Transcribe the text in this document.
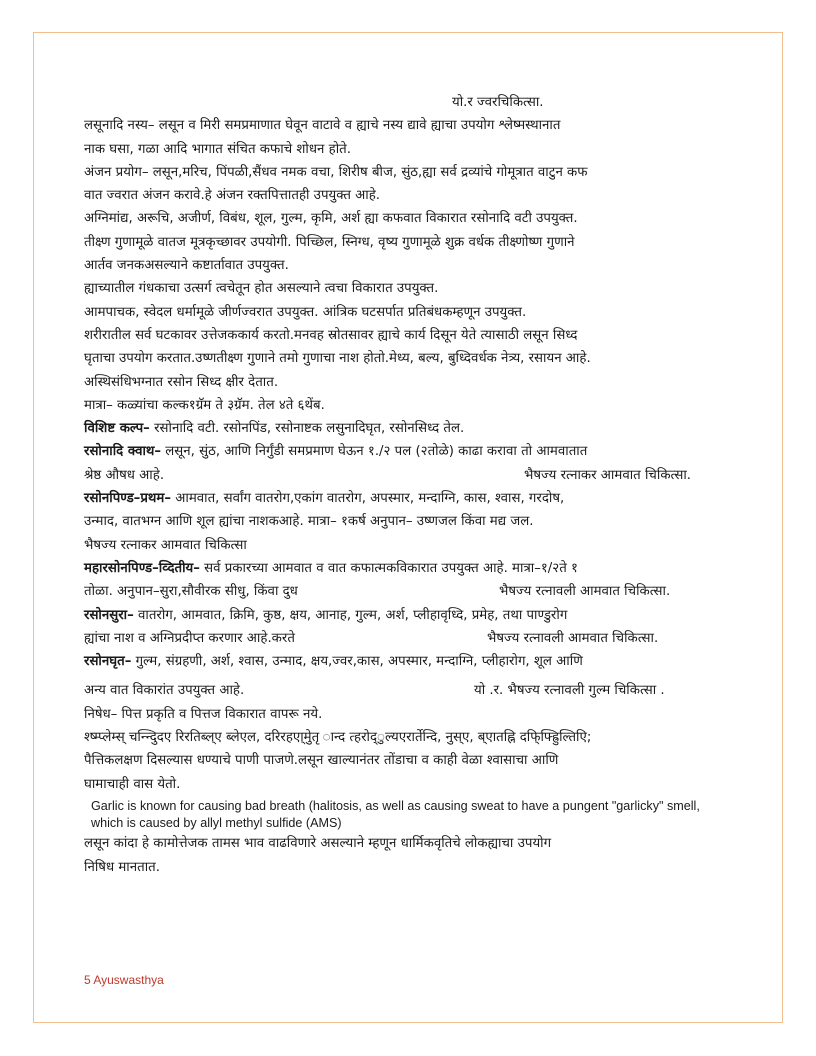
यो.र ज्वरचिकित्सा.

लसूनादि नस्य– लसून व मिरी समप्रमाणात घेवून वाटावे व ह्याचे नस्य द्यावे ह्याचा उपयोग श्लेष्मस्थानात

नाक घसा, गळा आदि भागात संचित कफाचे शोधन होते.

अंजन प्रयोग– लसून,मरिच, पिंपळी,सैंधव नमक वचा, शिरीष बीज, सुंठ,ह्या सर्व द्रव्यांचे गोमूत्रात वाटुन कफ

वात ज्वरात अंजन करावे.हे अंजन रक्तपित्तातही उपयुक्त आहे.

अग्निमांद्य, अरूचि, अजीर्ण, विबंध, शूल, गुल्म, कृमि, अर्श ह्या कफवात विकारात रसोनादि वटी उपयुक्त.

तीक्ष्ण गुणामूळे वातज मूत्रकृच्छावर उपयोगी. पिच्छिल, स्निग्ध, वृष्य गुणामूळे शुक्र वर्धक तीक्ष्णोष्ण गुणाने

आर्तव जनकअसल्याने कष्टार्तावात उपयुक्त.

ह्याच्यातील गंधकाचा उत्सर्ग त्वचेतून होत असल्याने त्वचा विकारात उपयुक्त.

आमपाचक, स्वेदल धर्मामूळे जीर्णज्वरात उपयुक्त. आंत्रिक घटसर्पात प्रतिबंधकम्हणून उपयुक्त.

शरीरातील सर्व घटकावर उत्तेजककार्य करतो.मनवह स्रोतसावर ह्याचे कार्य दिसून येते त्यासाठी लसून सिध्द

घृताचा उपयोग करतात.उष्णतीक्ष्ण गुणाने तमो गुणाचा नाश होतो.मेध्य, बल्य, बुध्दिवर्धक नेत्र्य, रसायन आहे.

अस्थिसंधिभग्नात रसोन सिध्द क्षीर देतात.

मात्रा– कळ्यांचा कल्क१ग्रॅम ते ३ग्रॅम. तेल ४ते ६थेंब.

विशिष्ट कल्प– रसोनादि वटी. रसोनपिंड, रसोनाष्टक लसुनादिघृत, रसोनसिध्द तेल.

रसोनादि क्वाथ– लसून, सुंठ, आणि निर्गुंडी समप्रमाण घेऊन १./२ पल (२तोळे) काढा करावा तो आमवातात

श्रेष्ठ औषध आहे.	भैषज्य रत्नाकर आमवात चिकित्सा.

रसोनपिण्ड–प्रथम– आमवात, सर्वांग वातरोग,एकांग वातरोग, अपस्मार, मन्दाग्नि, कास, श्वास, गरदोष,

उन्माद, वातभग्न आणि शूल ह्यांचा नाशकआहे. मात्रा– १कर्ष अनुपान– उष्णजल किंवा मद्य जल.

भैषज्य रत्नाकर आमवात चिकित्सा

महारसोनपिण्ड–व्दितीय– सर्व प्रकारच्या आमवात व वात कफात्मकविकारात उपयुक्त आहे. मात्रा–१/२ते १

तोळा. अनुपान–सुरा,सौवीरक सीधु, किंवा दुध	भैषज्य रत्नावली आमवात चिकित्सा.

रसोनसुरा– वातरोग, आमवात, क्रिमि, कुष्ठ, क्षय, आनाह, गुल्म, अर्श, प्लीहावृध्दि, प्रमेह, तथा पाण्डुरोग

ह्यांचा नाश व अग्निप्रदीप्त करणार आहे.करते	भैषज्य रत्नावली आमवात चिकित्सा.

रसोनघृत– गुल्म, संग्रहणी, अर्श, श्वास, उन्माद, क्षय,ज्वर,कास, अपस्मार, मन्दाग्नि, प्लीहारोग, शूल आणि

अन्य वात विकारांत उपयुक्त आहे.	यो .र. भैषज्य रत्नावली गुल्म चिकित्सा .

निषेध– पित्त प्रकृति व पित्तज विकारात वापरू नये.

श्ष्म्प्लेम्स् चन्न्दिुदए रिरतिब्ल्ए ब्लेएल, दरिरहएा्मुेतृ ान्द त्हरोद्ुल्यएरार्तेन्दि, नुस्ए, ब्एातह्नि दफि्फ्ह्रिुल्तिएि;

पैत्तिकलक्षण दिसल्यास धण्याचे पाणी पाजणे.लसून खाल्यानंतर तोंडाचा व काही वेळा श्वासाचा आणि

घामाचाही वास येतो.

Garlic is known for causing bad breath (halitosis, as well as causing sweat to have a pungent "garlicky" smell, which is caused by allyl methyl sulfide (AMS)

लसून कांदा हे कामोत्तेजक तामस भाव वाढविणारे असल्याने म्हणून धार्मिकवृतिचे लोकह्याचा उपयोग

निषिध मानतात.

5 Ayuswasthya
